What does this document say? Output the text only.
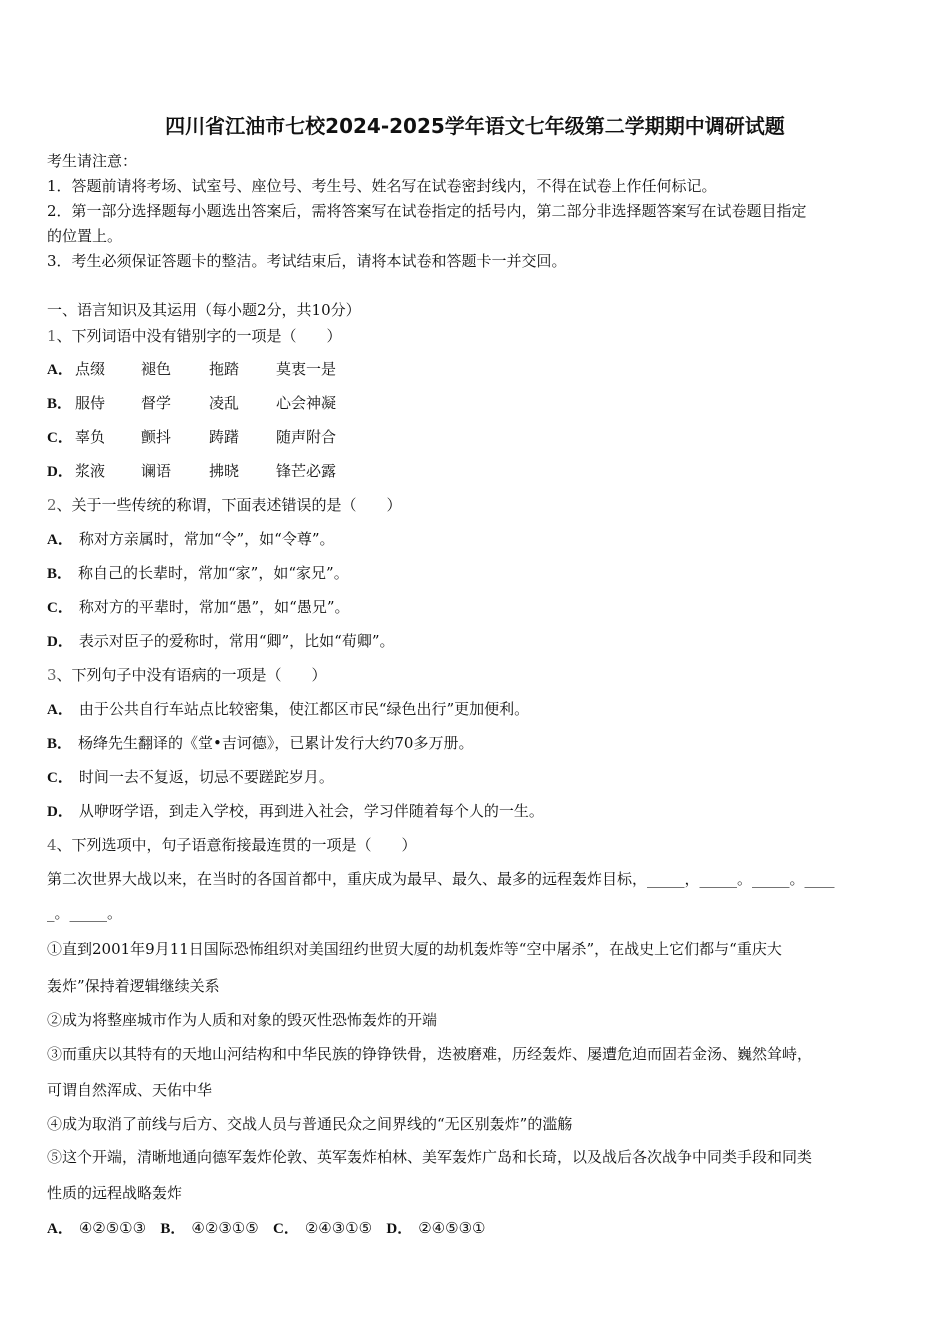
四川省江油市七校2024-2025学年语文七年级第二学期期中调研试题
考生请注意：
1．答题前请将考场、试室号、座位号、考生号、姓名写在试卷密封线内，不得在试卷上作任何标记。
2．第一部分选择题每小题选出答案后，需将答案写在试卷指定的括号内，第二部分非选择题答案写在试卷题目指定
的位置上。
3．考生必须保证答题卡的整洁。考试结束后，请将本试卷和答题卡一并交回。
一、语言知识及其运用（每小题2分，共10分）
1、下列词语中没有错别字的一项是（　　）
A． 点缀 褪色	拖踏 莫衷一是
B． 服侍 督学	凌乱 心会神凝
C． 辜负 颤抖	踌躇 随声附合
D． 浆液 谰语	拂晓 锋芒必露
2、关于一些传统的称谓，下面表述错误的是（　　）
A． 称对方亲属时，常加“令”，如“令尊”。
B． 称自己的长辈时，常加“家”，如“家兄”。
C． 称对方的平辈时，常加“愚”，如“愚兄”。
D． 表示对臣子的爱称时，常用“卿”，比如“荀卿”。
3、下列句子中没有语病的一项是（　　）
A． 由于公共自行车站点比较密集，使江都区市民“绿色出行”更加便利。
B． 杨绛先生翻译的《堂•吉诃德》，已累计发行大约70多万册。
C． 时间一去不复返，切忌不要蹉跎岁月。
D． 从咿呀学语，到走入学校，再到进入社会，学习伴随着每个人的一生。
4、下列选项中，句子语意衔接最连贯的一项是（　　）
第二次世界大战以来，在当时的各国首都中，重庆成为最早、最久、最多的远程轰炸目标，_____，_____。_____。____
_。_____。
①直到2001年9月11日国际恐怖组织对美国纽约世贸大厦的劫机轰炸等“空中屠杀”，在战史上它们都与“重庆大
轰炸”保持着逻辑继续关系
②成为将整座城市作为人质和对象的毁灭性恐怖轰炸的开端
③而重庆以其特有的天地山河结构和中华民族的铮铮铁骨，迭被磨难，历经轰炸、屡遭危迫而固若金汤、巍然耸峙，
可谓自然浑成、天佑中华
④成为取消了前线与后方、交战人员与普通民众之间界线的“无区别轰炸”的滥觞
⑤这个开端，清晰地通向德军轰炸伦敦、英军轰炸柏林、美军轰炸广岛和长琦，以及战后各次战争中同类手段和同类
性质的远程战略轰炸
A． ④②⑤①③ B． ④②③①⑤ C． ②④③①⑤ D． ②④⑤③①
